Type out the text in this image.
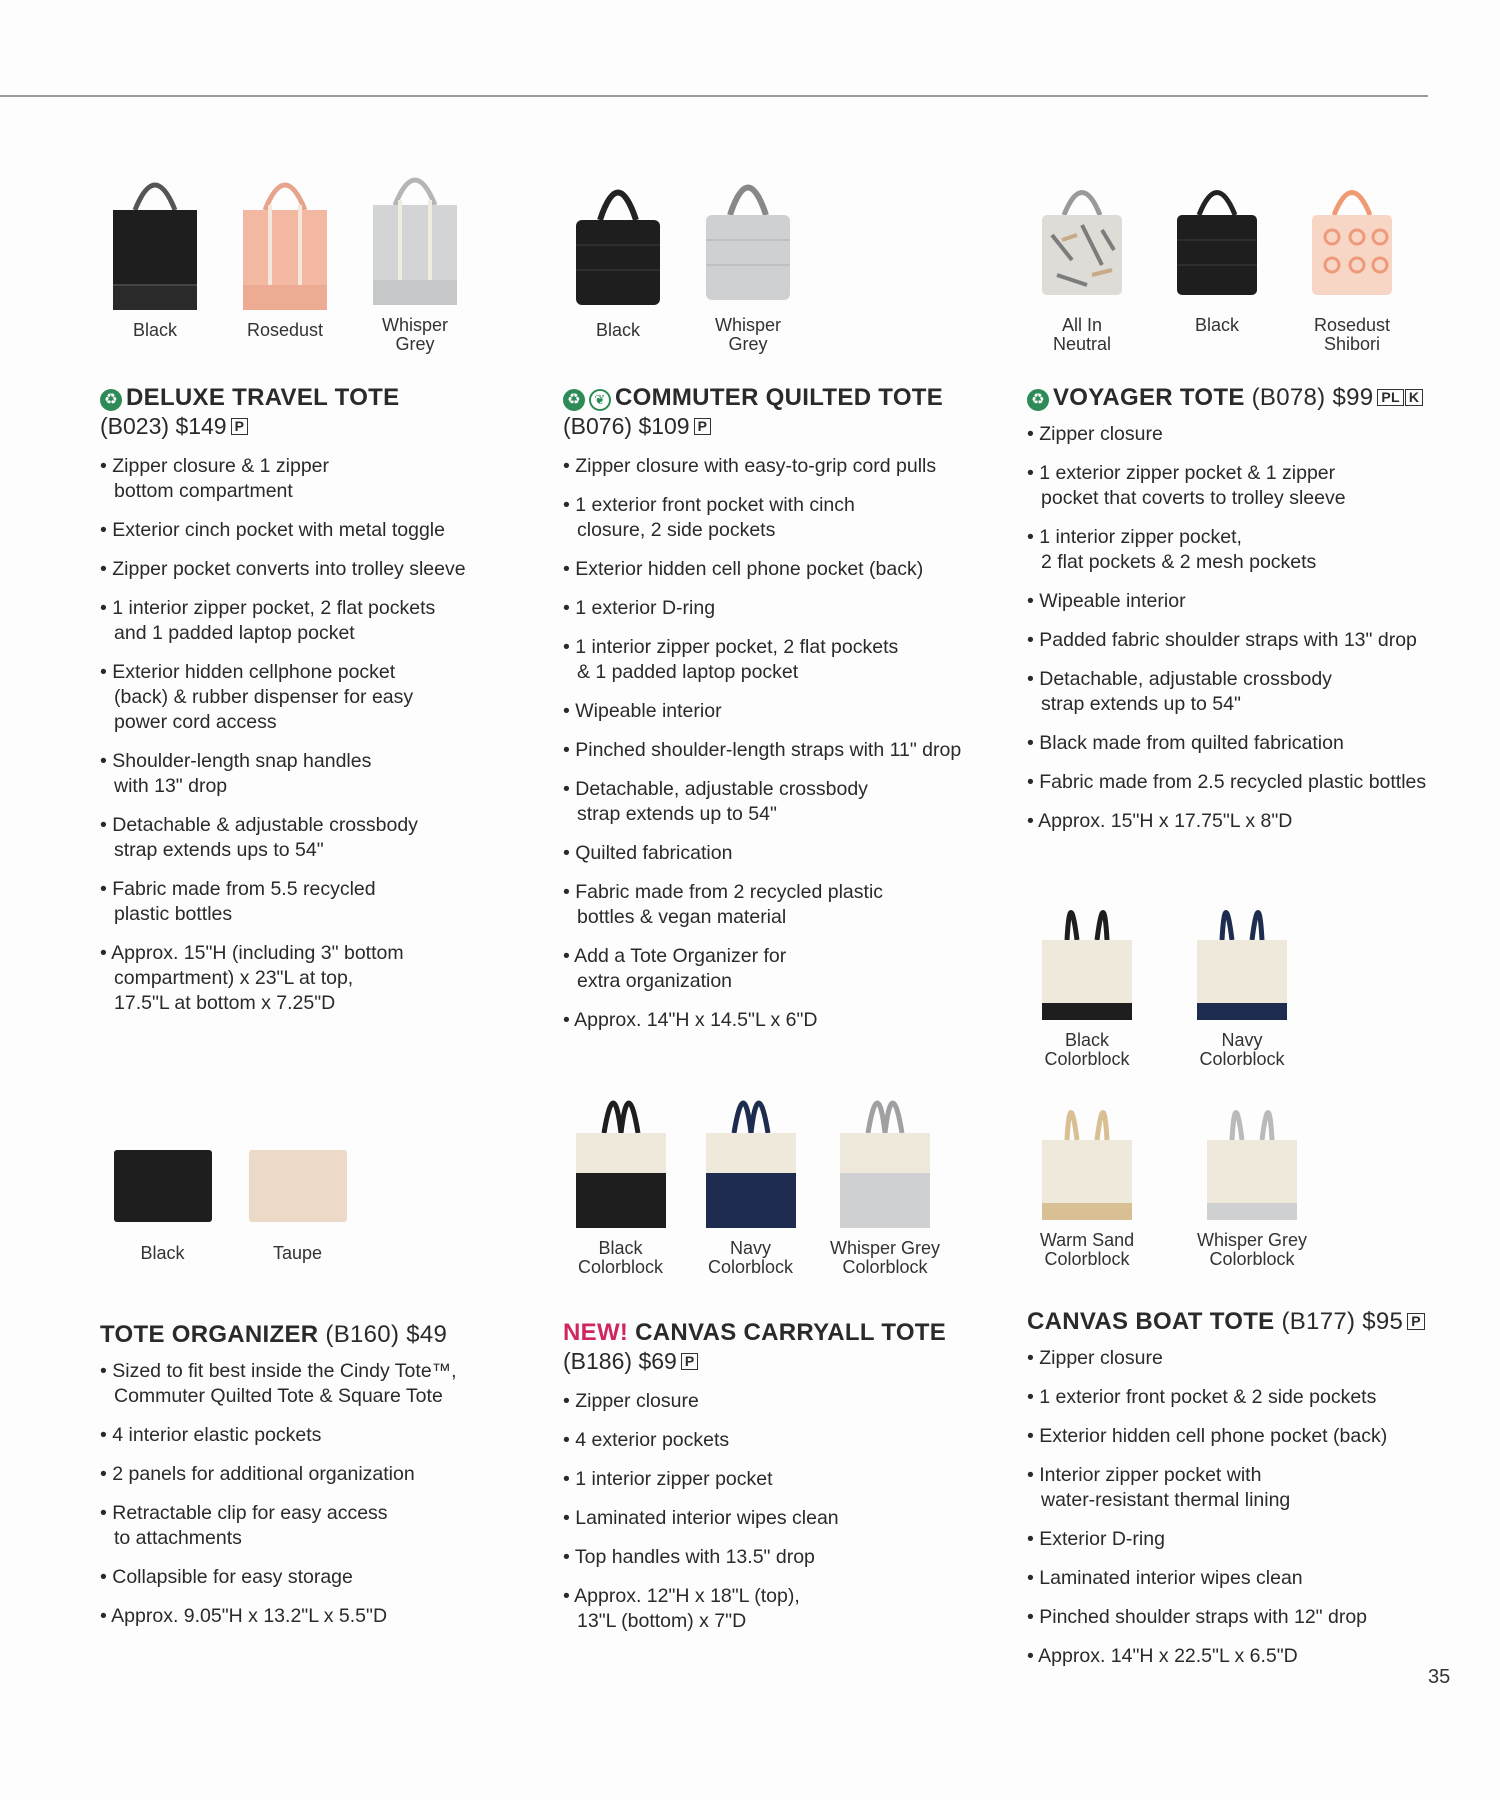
Black	Rosedust	Whisper
Grey
♻ DELUXE TRAVEL TOTE
(B023) $149 P
• Zipper closure & 1 zipper
bottom compartment
• Exterior cinch pocket with metal toggle
• Zipper pocket converts into trolley sleeve
• 1 interior zipper pocket, 2 flat pockets
and 1 padded laptop pocket
• Exterior hidden cellphone pocket
(back) & rubber dispenser for easy
power cord access
• Shoulder-length snap handles
with 13" drop
• Detachable & adjustable crossbody
strap extends ups to 54"
• Fabric made from 5.5 recycled
plastic bottles
• Approx. 15"H (including 3" bottom
compartment) x 23"L at top,
17.5"L at bottom x 7.25"D
Black	Whisper
Grey
♻ ❦ COMMUTER QUILTED TOTE
(B076) $109 P
• Zipper closure with easy-to-grip cord pulls
• 1 exterior front pocket with cinch
closure, 2 side pockets
• Exterior hidden cell phone pocket (back)
• 1 exterior D-ring
• 1 interior zipper pocket, 2 flat pockets
& 1 padded laptop pocket
• Wipeable interior
• Pinched shoulder-length straps with 11" drop
• Detachable, adjustable crossbody
strap extends up to 54"
• Quilted fabrication
• Fabric made from 2 recycled plastic
bottles & vegan material
• Add a Tote Organizer for
extra organization
• Approx. 14"H x 14.5"L x 6"D
All In
Neutral
Black	Rosedust
Shibori
♻ VOYAGER TOTE (B078) $99 PL K
• Zipper closure
• 1 exterior zipper pocket & 1 zipper
pocket that coverts to trolley sleeve
• 1 interior zipper pocket,
2 flat pockets & 2 mesh pockets
• Wipeable interior
• Padded fabric shoulder straps with 13" drop
• Detachable, adjustable crossbody
strap extends up to 54"
• Black made from quilted fabrication
• Fabric made from 2.5 recycled plastic bottles
• Approx. 15"H x 17.75"L x 8"D
Black
Colorblock
Navy
Colorblock
Warm Sand
Colorblock
Whisper Grey
Colorblock
Black	Taupe
TOTE ORGANIZER (B160) $49
• Sized to fit best inside the Cindy Tote™,
Commuter Quilted Tote & Square Tote
• 4 interior elastic pockets
• 2 panels for additional organization
• Retractable clip for easy access
to attachments
• Collapsible for easy storage
• Approx. 9.05"H x 13.2"L x 5.5"D
Black
Colorblock
Navy
Colorblock
Whisper Grey
Colorblock
NEW! CANVAS CARRYALL TOTE
(B186) $69 P
• Zipper closure
• 4 exterior pockets
• 1 interior zipper pocket
• Laminated interior wipes clean
• Top handles with 13.5" drop
• Approx. 12"H x 18"L (top),
13"L (bottom) x 7"D
CANVAS BOAT TOTE (B177) $95 P
• Zipper closure
• 1 exterior front pocket & 2 side pockets
• Exterior hidden cell phone pocket (back)
• Interior zipper pocket with
water-resistant thermal lining
• Exterior D-ring
• Laminated interior wipes clean
• Pinched shoulder straps with 12" drop
• Approx. 14"H x 22.5"L x 6.5"D
35
